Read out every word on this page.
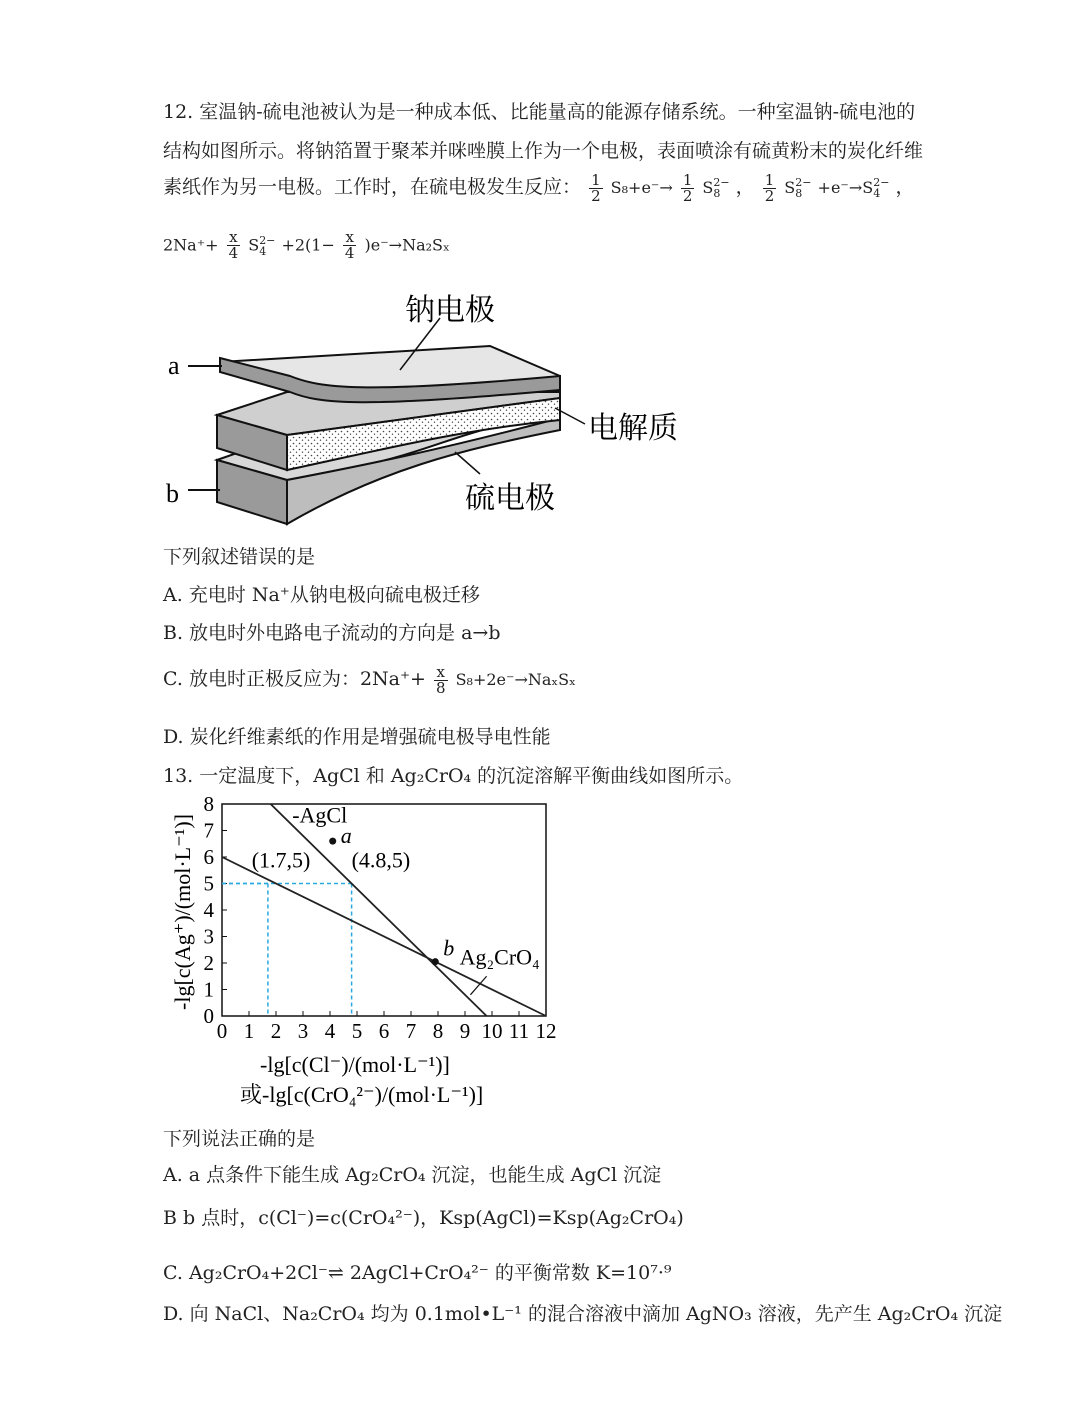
12. 室温钠-硫电池被认为是一种成本低、比能量高的能源存储系统。一种室温钠-硫电池的
结构如图所示。将钠箔置于聚苯并咪唑膜上作为一个电极，表面喷涂有硫黄粉末的炭化纤维
素纸作为另一电极。工作时，在硫电极发生反应： $\frac{1}{2} S_8+e^-\to \frac{1}{2}$ S 2−
8 ， $\frac{1}{2}$ S 2−
8 +e⁻→S 2−
4 ，
$2Na^++ \frac{x}{4}$ S 2−
$4 +2(1- \frac{x}{4} )e^-\to Na_2S_x$
a
b
钠电极
电解质
硫电极
下列叙述错误的是
A. 充电时 Na⁺从钠电极向硫电极迁移
B. 放电时外电路电子流动的方向是 a→b
C. 放电时正极反应为：$2Na^++ \frac{x}{8} S_8+2e^-\to Na_xS_x$
D. 炭化纤维素纸的作用是增强硫电极导电性能
13. 一定温度下，AgCl 和 Ag₂CrO₄ 的沉淀溶解平衡曲线如图所示。
-lg[c(Ag⁺)/(mol·L⁻¹)]
0 1 2 3 4 5 6 7 8 9 10 11 12
0
1
2
3
4
5
6
7
8	-AgCl
Ag₂CrO₄
a
b
(1.7,5) (4.8,5)
-lg[c(Cl⁻)/(mol·L⁻¹)]
或-lg[c(CrO₄²⁻)/(mol·L⁻¹)]
下列说法正确的是
A. a 点条件下能生成 Ag₂CrO₄ 沉淀，也能生成 AgCl 沉淀
B b 点时，c(Cl⁻)=c(CrO₄²⁻)，Ksp(AgCl)=Ksp(Ag₂CrO₄)
C. Ag₂CrO₄+2Cl⁻⇌ 2AgCl+CrO₄²⁻ 的平衡常数 K=10⁷·⁹
D. 向 NaCl、Na₂CrO₄ 均为 0.1mol•L⁻¹ 的混合溶液中滴加 AgNO₃ 溶液，先产生 Ag₂CrO₄ 沉淀
